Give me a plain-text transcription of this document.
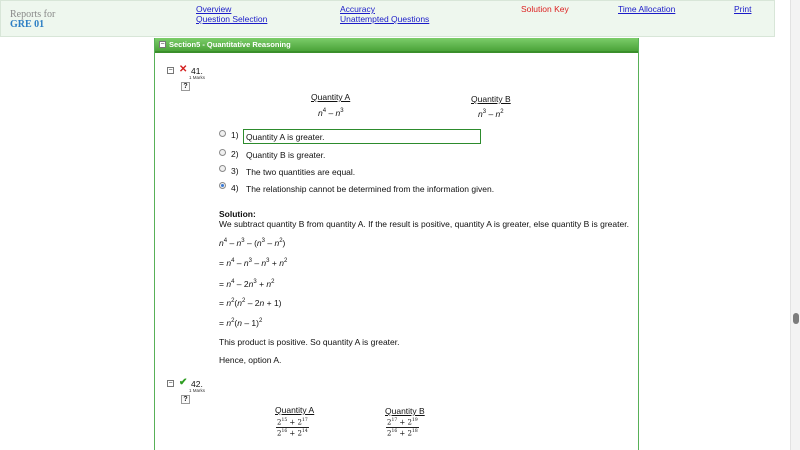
Reports for
GRE 01
Overview	Accuracy	Solution Key	Time Allocation	Print
Question Selection	Unattempted Questions
− Section5 - Quantitative Reasoning
− ✕ 41.
1 Marks
?
Quantity A
$n^4 - n^3$
Quantity B
$n^3 - n^2$
1) Quantity A is greater.
2) Quantity B is greater.
3) The two quantities are equal.
4) The relationship cannot be determined from the information given.
Solution:
We subtract quantity B from quantity A. If the result is positive, quantity A is greater, else quantity B is greater.
$n^4 - n^3 - (n^3 - n^2)$
= $n^4 - n^3 - n^3 + n^2$
= $n^4 - 2n^3 + n^2$
= $n^2(n^2 - 2n + 1)$
= $n^2(n - 1)^2$
This product is positive. So quantity A is greater.
Hence, option A.
− ✔ 42.
1 Marks
?
Quantity A
$\frac{2^{15} + 2^{17}}{2^{16} + 2^{14}}$
Quantity B
$\frac{2^{17} + 2^{19}}{2^{16} + 2^{18}}$
